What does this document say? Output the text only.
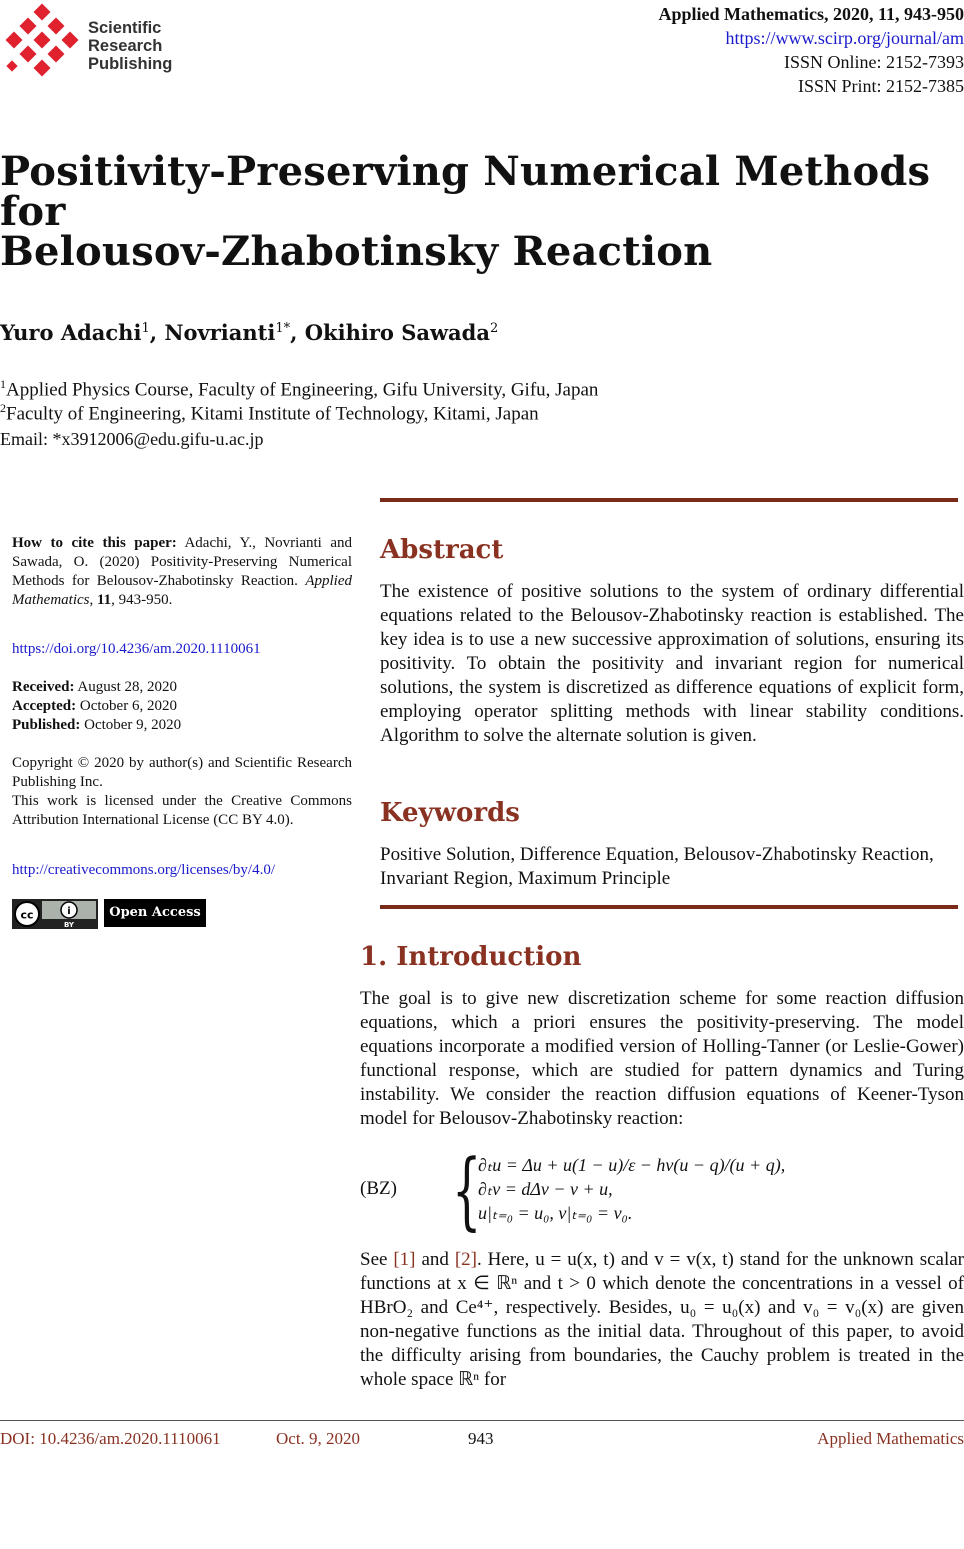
Scientific
Research
Publishing
Applied Mathematics, 2020, 11, 943-950
https://www.scirp.org/journal/am
ISSN Online: 2152-7393
ISSN Print: 2152-7385
Positivity-Preserving Numerical Methods for
Belousov-Zhabotinsky Reaction
Yuro Adachi$^1$, Novrianti$^{1*}$, Okihiro Sawada$^2$
$^1$Applied Physics Course, Faculty of Engineering, Gifu University, Gifu, Japan
$^2$Faculty of Engineering, Kitami Institute of Technology, Kitami, Japan
Email: *x3912006@edu.gifu-u.ac.jp
How to cite this paper: Adachi, Y., Novrianti and Sawada, O. (2020) Positivity-Preserving Numerical Methods for Belousov-Zhabotinsky Reaction. Applied Mathematics, 11, 943-950.
https://doi.org/10.4236/am.2020.1110061
Received: August 28, 2020
Accepted: October 6, 2020
Published: October 9, 2020
Copyright © 2020 by author(s) and Scientific Research Publishing Inc.
This work is licensed under the Creative Commons Attribution International License (CC BY 4.0).
http://creativecommons.org/licenses/by/4.0/
cc	i
BY
Open Access
Abstract
The existence of positive solutions to the system of ordinary differential equations related to the Belousov-Zhabotinsky reaction is established. The key idea is to use a new successive approximation of solutions, ensuring its positivity. To obtain the positivity and invariant region for numerical solutions, the system is discretized as difference equations of explicit form, employing operator splitting methods with linear stability conditions. Algorithm to solve the alternate solution is given.
Keywords
Positive Solution, Difference Equation, Belousov-Zhabotinsky Reaction, Invariant Region, Maximum Principle
1. Introduction
The goal is to give new discretization scheme for some reaction diffusion equations, which a priori ensures the positivity-preserving. The model equations incorporate a modified version of Holling-Tanner (or Leslie-Gower) functional response, which are studied for pattern dynamics and Turing instability. We consider the reaction diffusion equations of Keener-Tyson model for Belousov-Zhabotinsky reaction:
(BZ) {
∂ₜu = Δu + u(1 − u)/ε − hv(u − q)/(u + q),
∂ₜv = dΔv − v + u,
u|ₜ₌₀ = u₀, v|ₜ₌₀ = v₀.
See [1] and [2]. Here, u = u(x, t) and v = v(x, t) stand for the unknown scalar functions at x ∈ ℝⁿ and t > 0 which denote the concentrations in a vessel of HBrO₂ and Ce⁴⁺, respectively. Besides, u₀ = u₀(x) and v₀ = v₀(x) are given non-negative functions as the initial data. Throughout of this paper, to avoid the difficulty arising from boundaries, the Cauchy problem is treated in the whole space ℝⁿ for
DOI: 10.4236/am.2020.1110061	Oct. 9, 2020	943	Applied Mathematics
